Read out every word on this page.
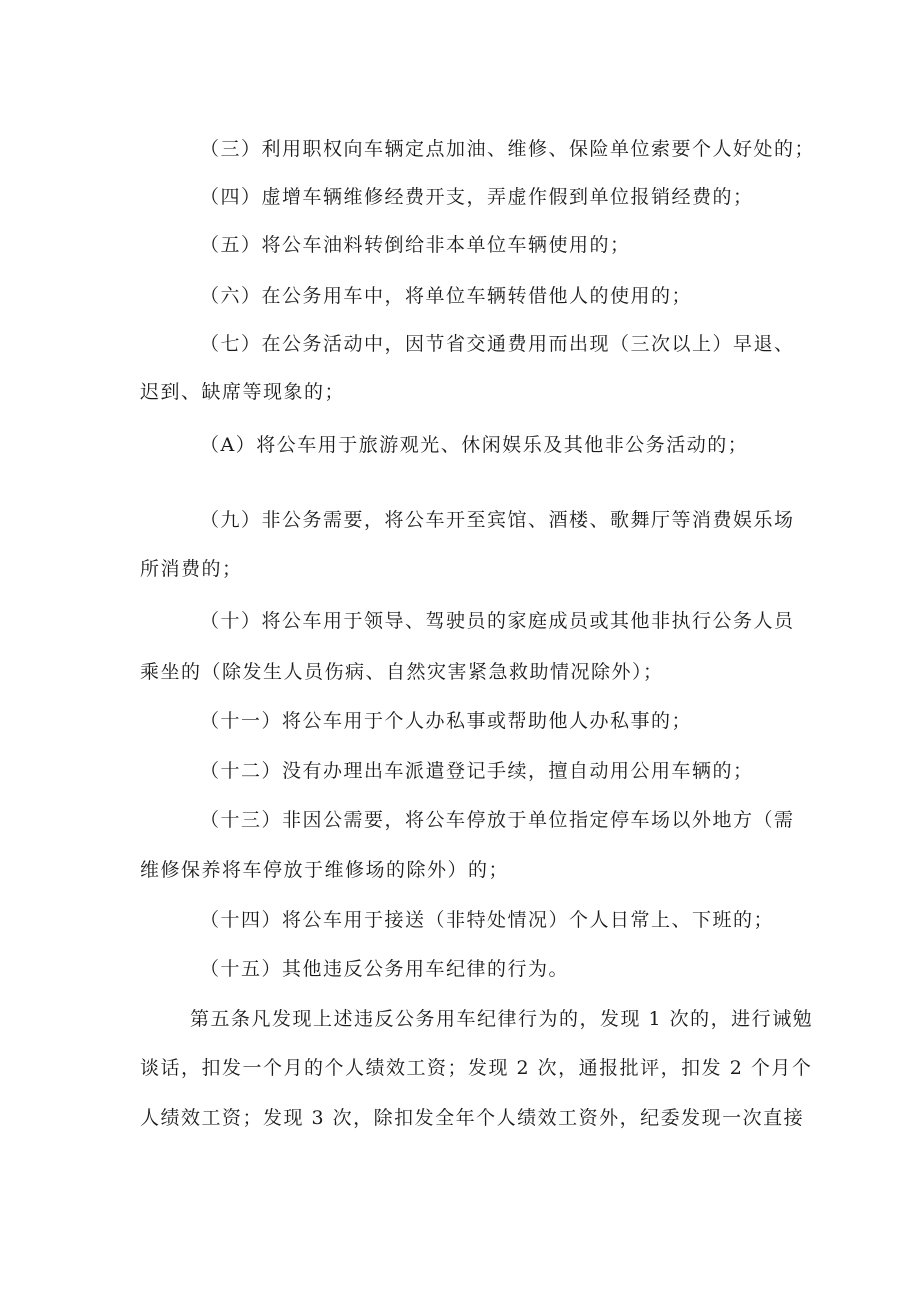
（三）利用职权向车辆定点加油、维修、保险单位索要个人好处的；
（四）虚增车辆维修经费开支，弄虚作假到单位报销经费的；
（五）将公车油料转倒给非本单位车辆使用的；
（六）在公务用车中，将单位车辆转借他人的使用的；
（七）在公务活动中，因节省交通费用而出现（三次以上）早退、
迟到、缺席等现象的；
（A）将公车用于旅游观光、休闲娱乐及其他非公务活动的；
（九）非公务需要，将公车开至宾馆、酒楼、歌舞厅等消费娱乐场
所消费的；
（十）将公车用于领导、驾驶员的家庭成员或其他非执行公务人员
乘坐的（除发生人员伤病、自然灾害紧急救助情况除外）；
（十一）将公车用于个人办私事或帮助他人办私事的；
（十二）没有办理出车派遣登记手续，擅自动用公用车辆的；
（十三）非因公需要，将公车停放于单位指定停车场以外地方（需
维修保养将车停放于维修场的除外）的；
（十四）将公车用于接送（非特处情况）个人日常上、下班的；
（十五）其他违反公务用车纪律的行为。
第五条凡发现上述违反公务用车纪律行为的，发现 1 次的，进行诫勉
谈话，扣发一个月的个人绩效工资；发现 2 次，通报批评，扣发 2 个月个
人绩效工资；发现 3 次，除扣发全年个人绩效工资外，纪委发现一次直接
